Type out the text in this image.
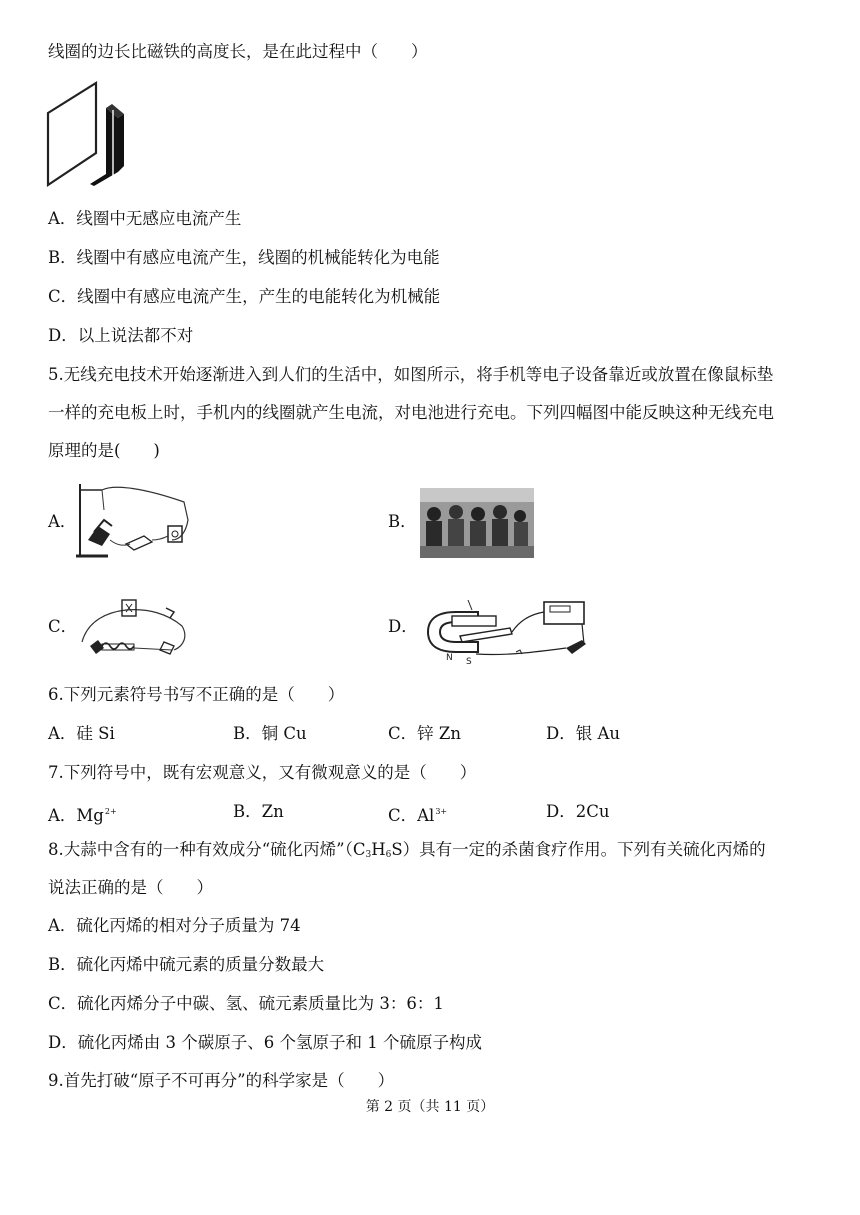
线圈的边长比磁铁的高度长，是在此过程中（　　）
A．线圈中无感应电流产生
B．线圈中有感应电流产生，线圈的机械能转化为电能
C．线圈中有感应电流产生，产生的电能转化为机械能
D．以上说法都不对
5.无线充电技术开始逐渐进入到人们的生活中，如图所示，将手机等电子设备靠近或放置在像鼠标垫
一样的充电板上时，手机内的线圈就产生电流，对电池进行充电。下列四幅图中能反映这种无线充电
原理的是(　　)
A．	B．
C．	D．
N S
6.下列元素符号书写不正确的是（　　）
A．硅 Si	B．铜 Cu	C．锌 Zn	D．银 Au
7.下列符号中，既有宏观意义，又有微观意义的是（　　）
A．$Mg^{2+}$	B．Zn	C．$Al^{3+}$	D．2Cu
8.大蒜中含有的一种有效成分“硫化丙烯$”(C_3H_6S)$具有一定的杀菌食疗作用。下列有关硫化丙烯的
说法正确的是（　　）
A．硫化丙烯的相对分子质量为 74
B．硫化丙烯中硫元素的质量分数最大
C．硫化丙烯分子中碳、氢、硫元素质量比为 3：6：1
D．硫化丙烯由 3 个碳原子、6 个氢原子和 1 个硫原子构成
9.首先打破“原子不可再分”的科学家是（　　）
第 2 页（共 11 页）
